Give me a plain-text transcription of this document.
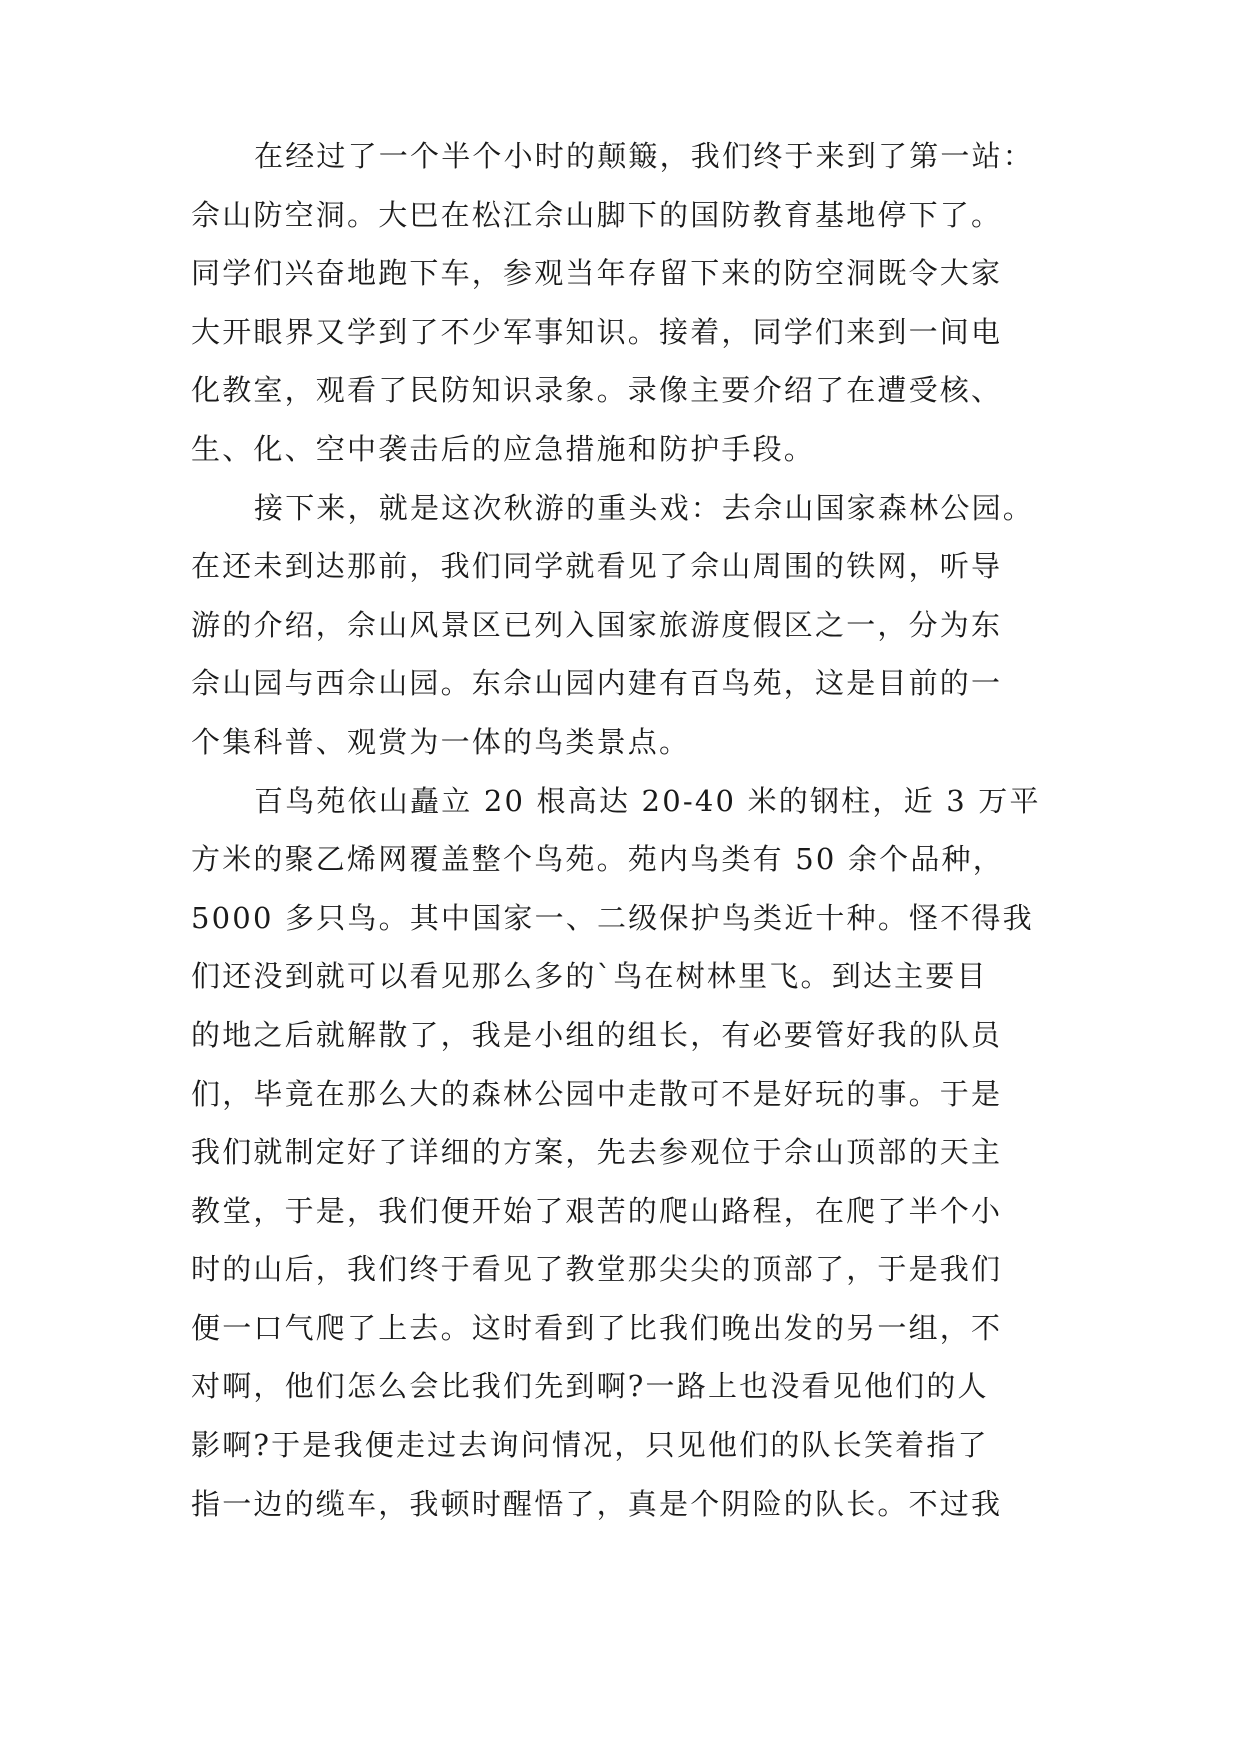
在经过了一个半个小时的颠簸，我们终于来到了第一站：
佘山防空洞。大巴在松江佘山脚下的国防教育基地停下了。
同学们兴奋地跑下车，参观当年存留下来的防空洞既令大家
大开眼界又学到了不少军事知识。接着，同学们来到一间电
化教室，观看了民防知识录象。录像主要介绍了在遭受核、
生、化、空中袭击后的应急措施和防护手段。
接下来，就是这次秋游的重头戏：去佘山国家森林公园。
在还未到达那前，我们同学就看见了佘山周围的铁网，听导
游的介绍，佘山风景区已列入国家旅游度假区之一，分为东
佘山园与西佘山园。东佘山园内建有百鸟苑，这是目前的一
个集科普、观赏为一体的鸟类景点。
百鸟苑依山矗立 20 根高达 20-40 米的钢柱，近 3 万平
方米的聚乙烯网覆盖整个鸟苑。苑内鸟类有 50 余个品种，
5000 多只鸟。其中国家一、二级保护鸟类近十种。怪不得我
们还没到就可以看见那么多的`鸟在树林里飞。到达主要目
的地之后就解散了，我是小组的组长，有必要管好我的队员
们，毕竟在那么大的森林公园中走散可不是好玩的事。于是
我们就制定好了详细的方案，先去参观位于佘山顶部的天主
教堂，于是，我们便开始了艰苦的爬山路程，在爬了半个小
时的山后，我们终于看见了教堂那尖尖的顶部了，于是我们
便一口气爬了上去。这时看到了比我们晚出发的另一组，不
对啊，他们怎么会比我们先到啊?一路上也没看见他们的人
影啊?于是我便走过去询问情况，只见他们的队长笑着指了
指一边的缆车，我顿时醒悟了，真是个阴险的队长。不过我
